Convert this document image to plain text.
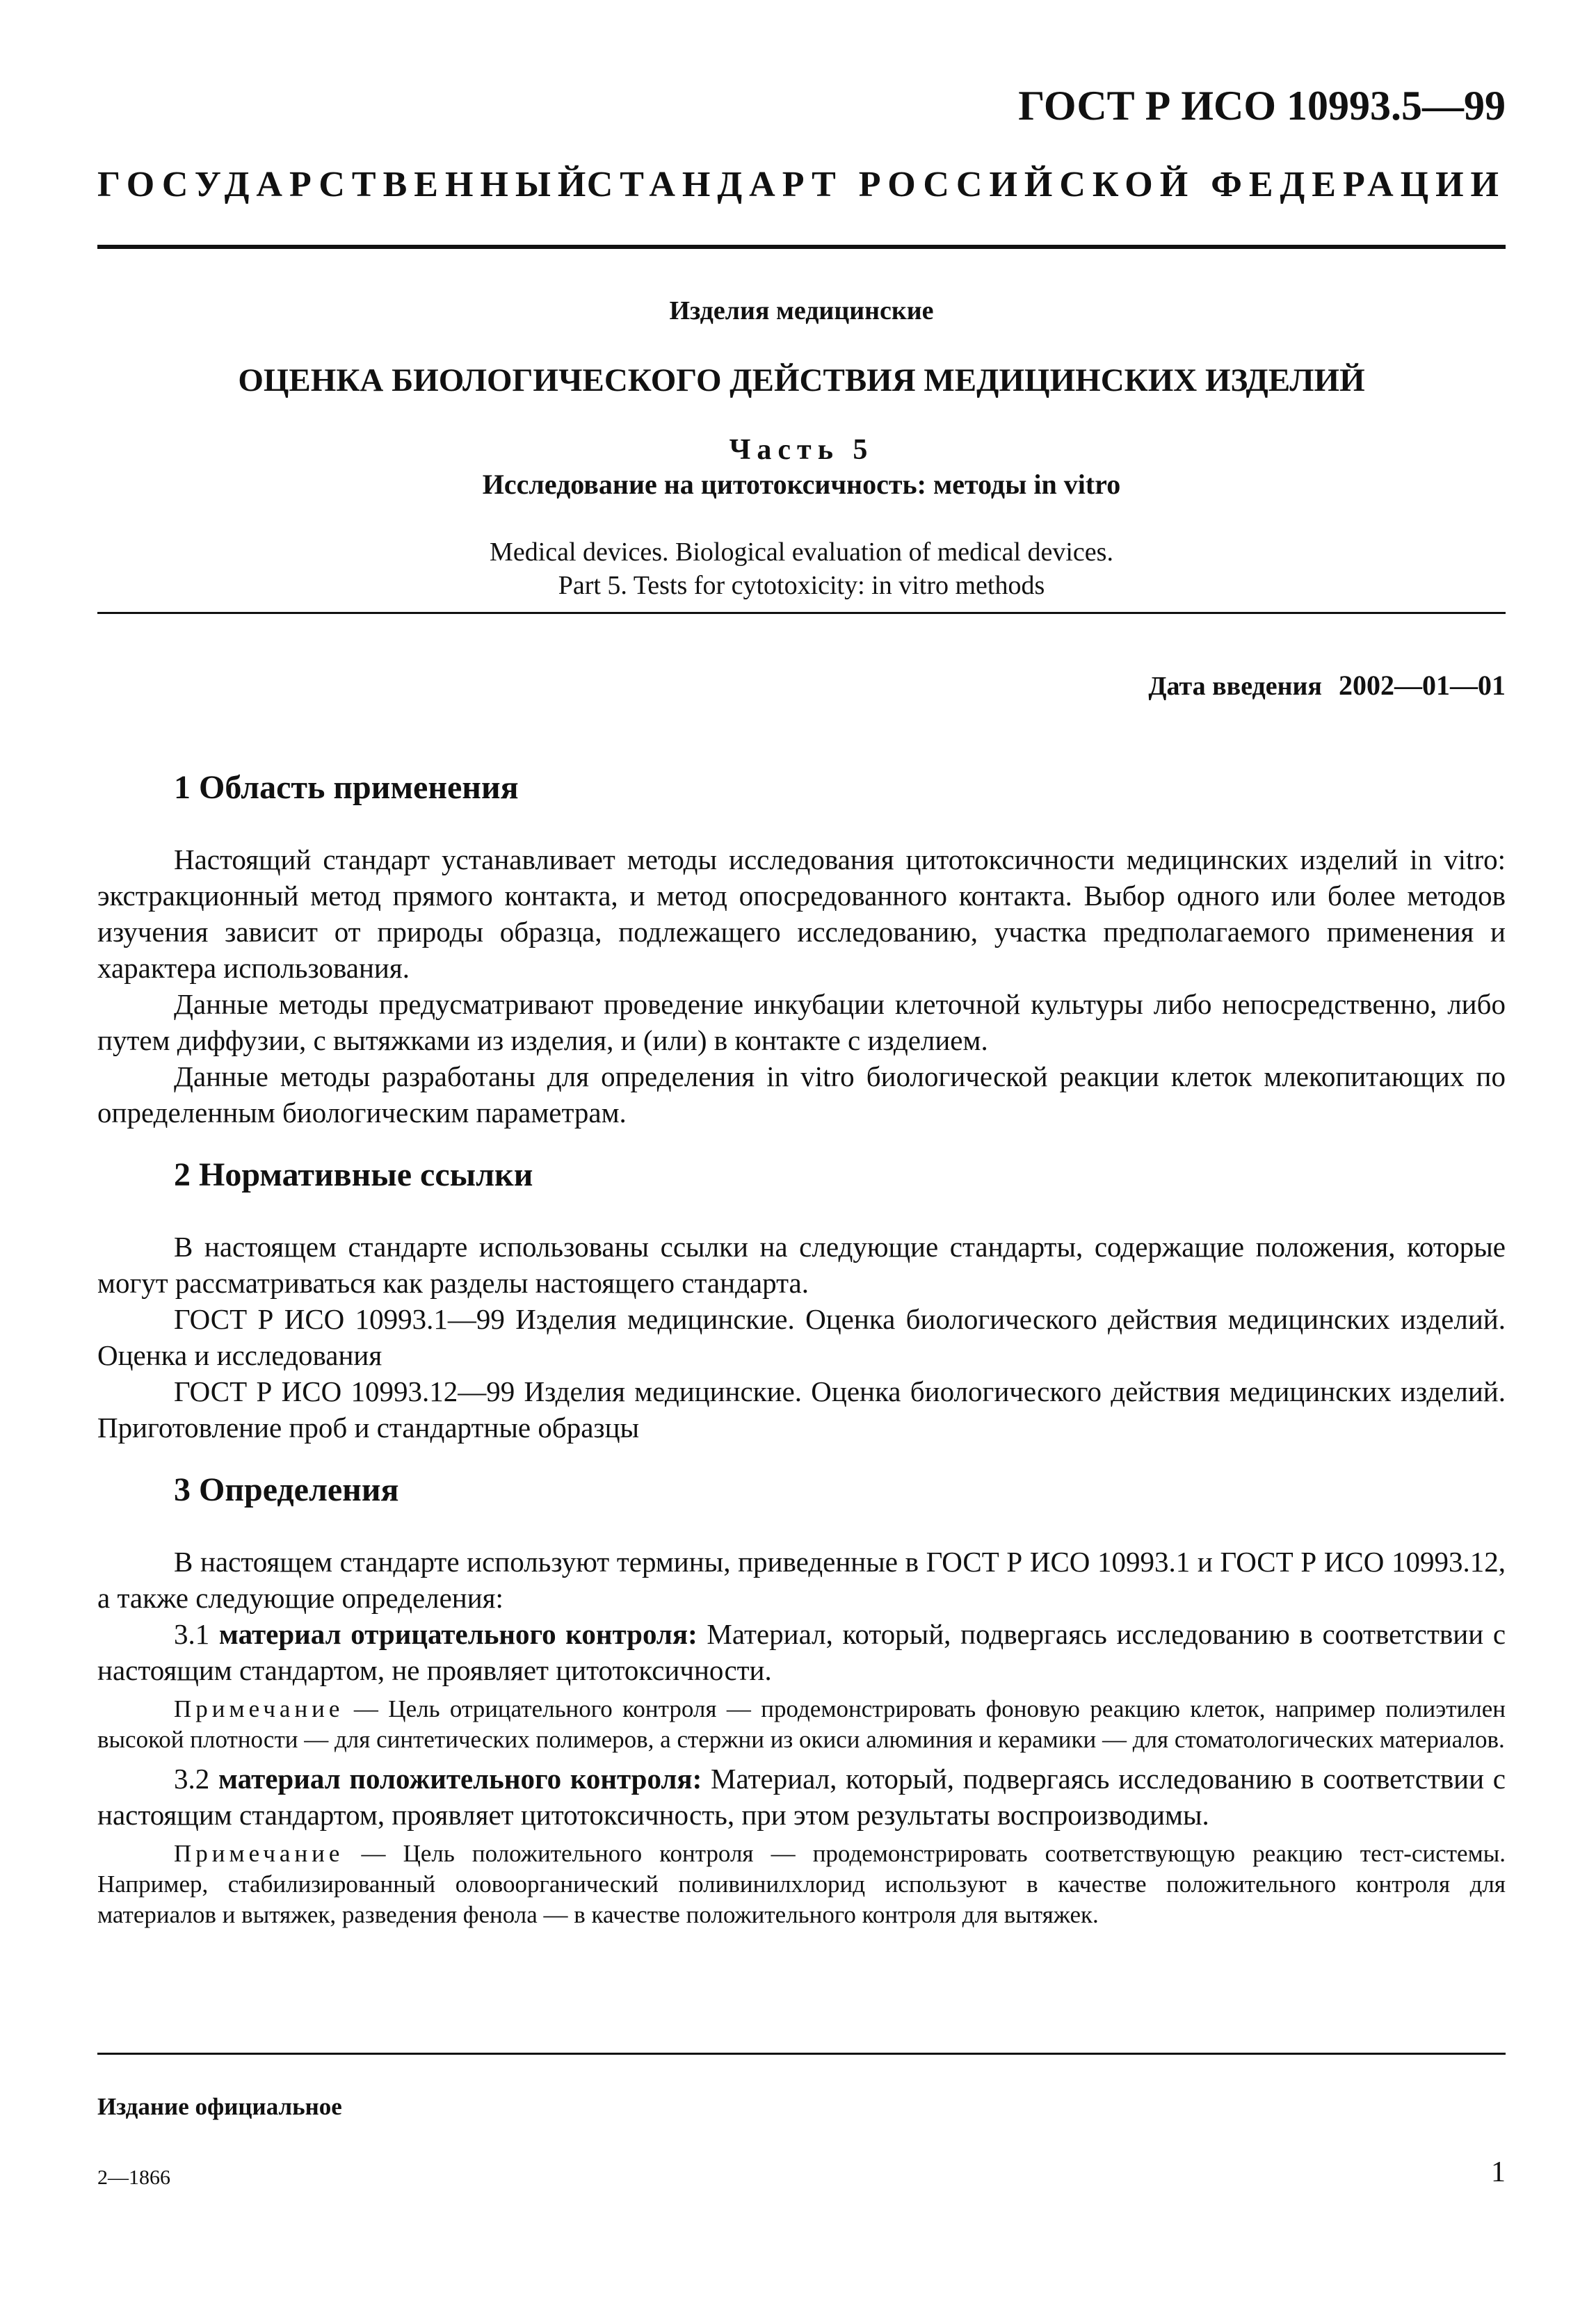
ГОСТ Р ИСО 10993.5—99
ГОСУДАРСТВЕННЫЙ
СТАНДАРТ РОССИЙСКОЙ ФЕДЕРАЦИИ
Изделия медицинские
ОЦЕНКА БИОЛОГИЧЕСКОГО ДЕЙСТВИЯ МЕДИЦИНСКИХ ИЗДЕЛИЙ
Часть 5
Исследование на цитотоксичность: методы in vitro
Medical devices. Biological evaluation of medical devices.
Part 5. Tests for cytotoxicity: in vitro methods
Дата введения 2002—01—01
1 Область применения

Настоящий стандарт устанавливает методы исследования цитотоксичности медицинских изделий in vitro: экстракционный метод прямого контакта, и метод опосредованного контакта. Выбор одного или более методов изучения зависит от природы образца, подлежащего исследованию, участка предполагаемого применения и характера использования.

Данные методы предусматривают проведение инкубации клеточной культуры либо непосредственно, либо путем диффузии, с вытяжками из изделия, и (или) в контакте с изделием.

Данные методы разработаны для определения in vitro биологической реакции клеток млекопитающих по определенным биологическим параметрам.

2 Нормативные ссылки

В настоящем стандарте использованы ссылки на следующие стандарты, содержащие положения, которые могут рассматриваться как разделы настоящего стандарта.

ГОСТ Р ИСО 10993.1—99 Изделия медицинские. Оценка биологического действия медицинских изделий. Оценка и исследования

ГОСТ Р ИСО 10993.12—99 Изделия медицинские. Оценка биологического действия медицинских изделий. Приготовление проб и стандартные образцы

3 Определения

В настоящем стандарте используют термины, приведенные в ГОСТ Р ИСО 10993.1 и ГОСТ Р ИСО 10993.12, а также следующие определения:

3.1 материал отрицательного контроля: Материал, который, подвергаясь исследованию в соответствии с настоящим стандартом, не проявляет цитотоксичности.

Примечание — Цель отрицательного контроля — продемонстрировать фоновую реакцию клеток, например полиэтилен высокой плотности — для синтетических полимеров, а стержни из окиси алюминия и керамики — для стоматологических материалов.

3.2 материал положительного контроля: Материал, который, подвергаясь исследованию в соответствии с настоящим стандартом, проявляет цитотоксичность, при этом результаты воспроизводимы.

Примечание — Цель положительного контроля — продемонстрировать соответствующую реакцию тест-системы. Например, стабилизированный оловоорганический поливинилхлорид используют в качестве положительного контроля для материалов и вытяжек, разведения фенола — в качестве положительного контроля для вытяжек.

Издание официальное
2—1866	1
